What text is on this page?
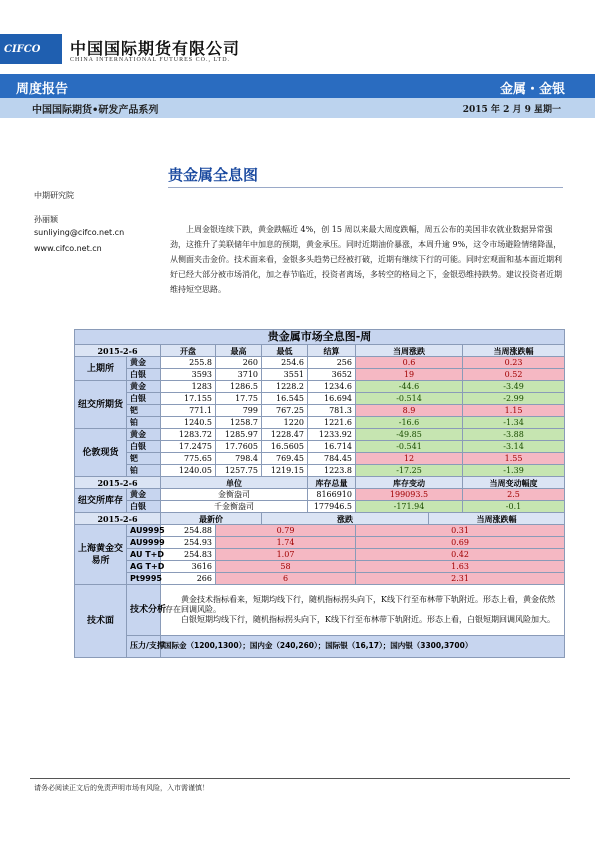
CIFCO 中国国际期货有限公司
CHINA INTERNATIONAL FUTURES CO., LTD.
周度报告	金属・金银
中国国际期货•研发产品系列	2015 年 2 月 9 星期一
贵金属全息图
中期研究院
孙丽颖
sunliying@cifco.net.cn
www.cifco.net.cn
上周金银连续下跌，黄金跌幅近 4%，创 15 周以来最大周度跌幅，周五公布的美国非农就业数据异常强劲，这推升了美联储年中加息的预期，黄金承压。同时近期油价暴涨，本周升逾 9%，这令市场避险情绪降温，从侧面夹击金价。技术面来看，金银多头趋势已经被打破，近期有继续下行的可能。同时宏观面和基本面近期利好已经大部分被市场消化，加之春节临近，投资者离场，多转空的格局之下，金银恐维持跌势。建议投资者近期维持短空思路。
贵金属市场全息图-周								
2015-2-6		开盘	最高	最低	结算	当周涨跌		当周涨跌幅
上期所	黄金	255.8	260	254.6	256	0.6		0.23
	白银	3593	3710	3551	3652	19		0.52
纽交所期货	黄金	1283	1286.5	1228.2	1234.6	-44.6		-3.49
	白银	17.155	17.75	16.545	16.694	-0.514		-2.99
	钯	771.1	799	767.25	781.3	8.9		1.15
	铂	1240.5	1258.7	1220	1221.6	-16.6		-1.34
伦敦现货	黄金	1283.72	1285.97	1228.47	1233.92	-49.85		-3.88
	白银	17.2475	17.7605	16.5605	16.714	-0.541		-3.14
	钯	775.65	798.4	769.45	784.45	12		1.55
	铂	1240.05	1257.75	1219.15	1223.8	-17.25		-1.39
2015-2-6		单位			库存总量	库存变动		当周变动幅度
纽交所库存	黄金	金衡盎司			8166910	199093.5		2.5
	白银	千金衡盎司			177946.5	-171.94		-0.1
2015-2-6		最新价		涨跌			当周涨跌幅	
上海黄金交易所	AU9995	254.88	0.79			0.31		
	AU9999	254.93	1.74			0.69		
	AU T+D	254.83	1.07			0.42		
	AG T+D	3616	58			1.63		
	Pt9995	266	6			2.31		
技术面	技术分析	黄金技术指标看来，短期均线下行，随机指标拐头向下，K线下行至布林带下轨附近。形态上看，黄金依然存在回调风险。
白银短期均线下行，随机指标拐头向下，K线下行至布林带下轨附近。形态上看，白银短期回调风险加大。						

	压力/支撑	国际金（1200,1300）；国内金（240,260）；国际银（16,17）；国内银（3300,3700）						
请务必阅读正文后的免责声明市场有风险，入市需谨慎！
